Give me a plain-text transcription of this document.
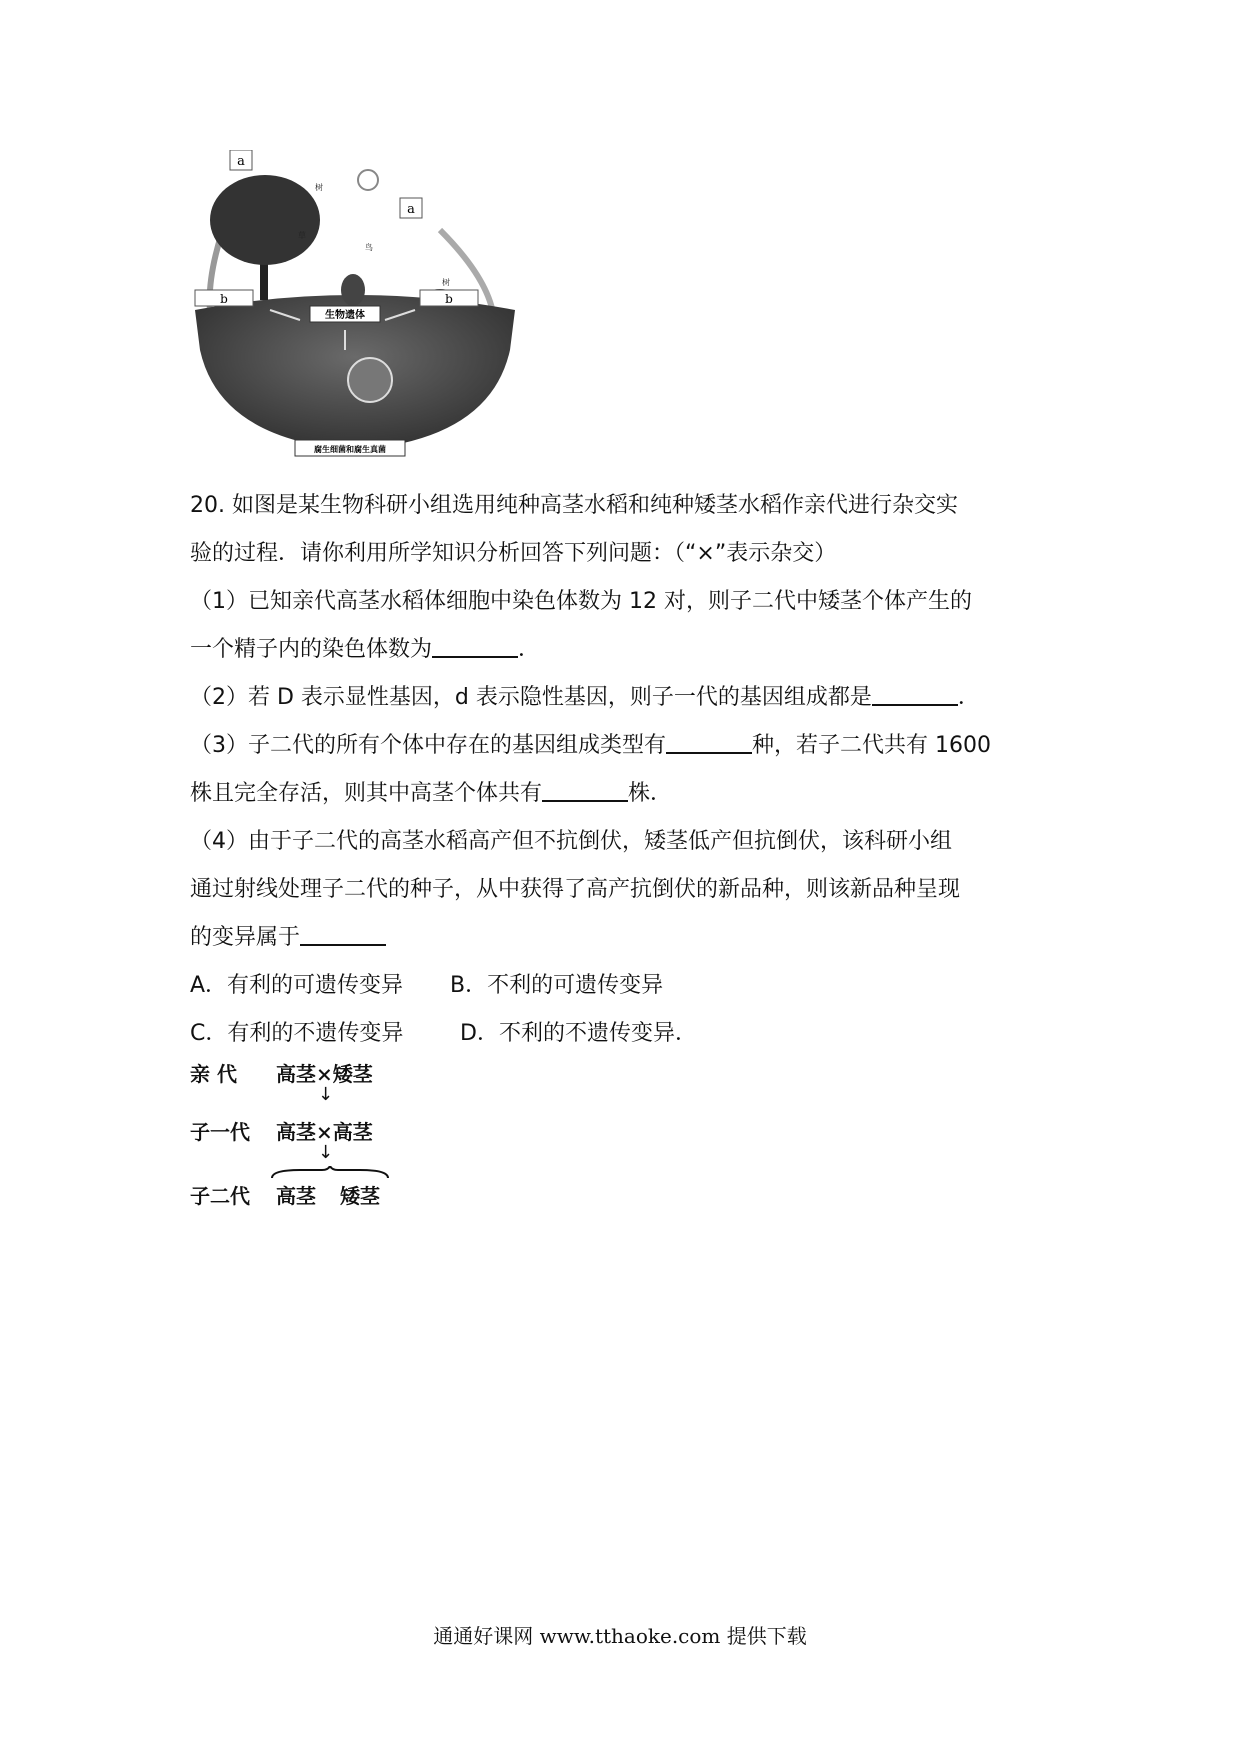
a
a
树
草
鸟
树
b	b
生物遗体
腐生细菌和腐生真菌

20. 如图是某生物科研小组选用纯种高茎水稻和纯种矮茎水稻作亲代进行杂交实

验的过程．请你利用所学知识分析回答下列问题：（“×”表示杂交）

（1）已知亲代高茎水稻体细胞中染色体数为 12 对，则子二代中矮茎个体产生的

一个精子内的染色体数为	．

（2）若 D 表示显性基因，d 表示隐性基因，则子一代的基因组成都是	．

（3）子二代的所有个体中存在的基因组成类型有	种，若子二代共有 1600

株且完全存活，则其中高茎个体共有	株．

（4）由于子二代的高茎水稻高产但不抗倒伏，矮茎低产但抗倒伏，该科研小组

通过射线处理子二代的种子，从中获得了高产抗倒伏的新品种，则该新品种呈现

的变异属于

A．有利的可遗传变异 B．不利的可遗传变异
C．有利的不遗传变异	D．不利的不遗传变异．
亲 代 高茎×矮茎
↓
子一代 高茎×高茎
↓
子二代 高茎 矮茎
通通好课网 www.tthaoke.com 提供下载
